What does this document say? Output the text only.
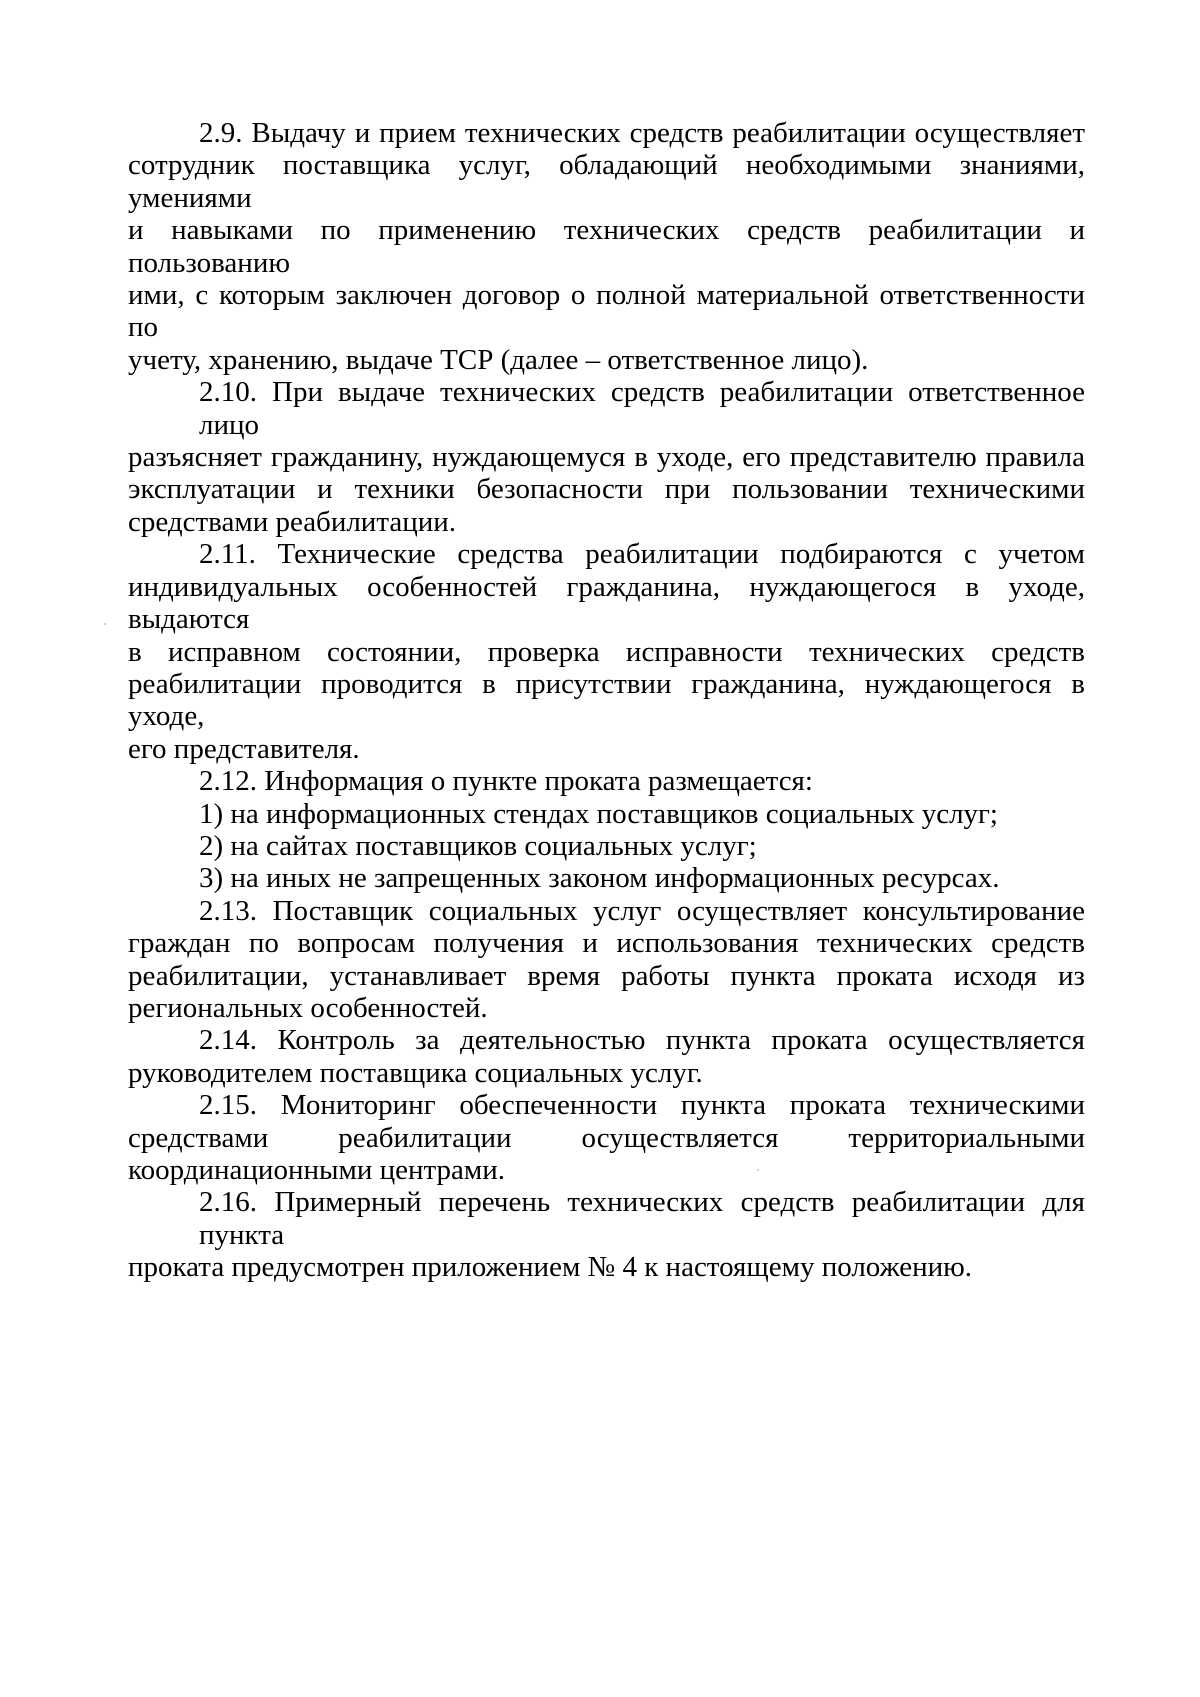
2.9. Выдачу и прием технических средств реабилитации осуществляет
сотрудник поставщика услуг, обладающий необходимыми знаниями, умениями
и навыками по применению технических средств реабилитации и пользованию
ими, с которым заключен договор о полной материальной ответственности по
учету, хранению, выдаче ТСР (далее – ответственное лицо).
2.10. При выдаче технических средств реабилитации ответственное лицо
разъясняет гражданину, нуждающемуся в уходе, его представителю правила
эксплуатации и техники безопасности при пользовании техническими
средствами реабилитации.
2.11. Технические средства реабилитации подбираются с учетом
индивидуальных особенностей гражданина, нуждающегося в уходе, выдаются
в исправном состоянии, проверка исправности технических средств
реабилитации проводится в присутствии гражданина, нуждающегося в уходе,
его представителя.
2.12. Информация о пункте проката размещается:
1) на информационных стендах поставщиков социальных услуг;
2) на сайтах поставщиков социальных услуг;
3) на иных не запрещенных законом информационных ресурсах.
2.13. Поставщик социальных услуг осуществляет консультирование
граждан по вопросам получения и использования технических средств
реабилитации, устанавливает время работы пункта проката исходя из
региональных особенностей.
2.14. Контроль за деятельностью пункта проката осуществляется
руководителем поставщика социальных услуг.
2.15. Мониторинг обеспеченности пункта проката техническими
средствами реабилитации осуществляется территориальными
координационными центрами.
2.16. Примерный перечень технических средств реабилитации для пункта
проката предусмотрен приложением № 4 к настоящему положению.
